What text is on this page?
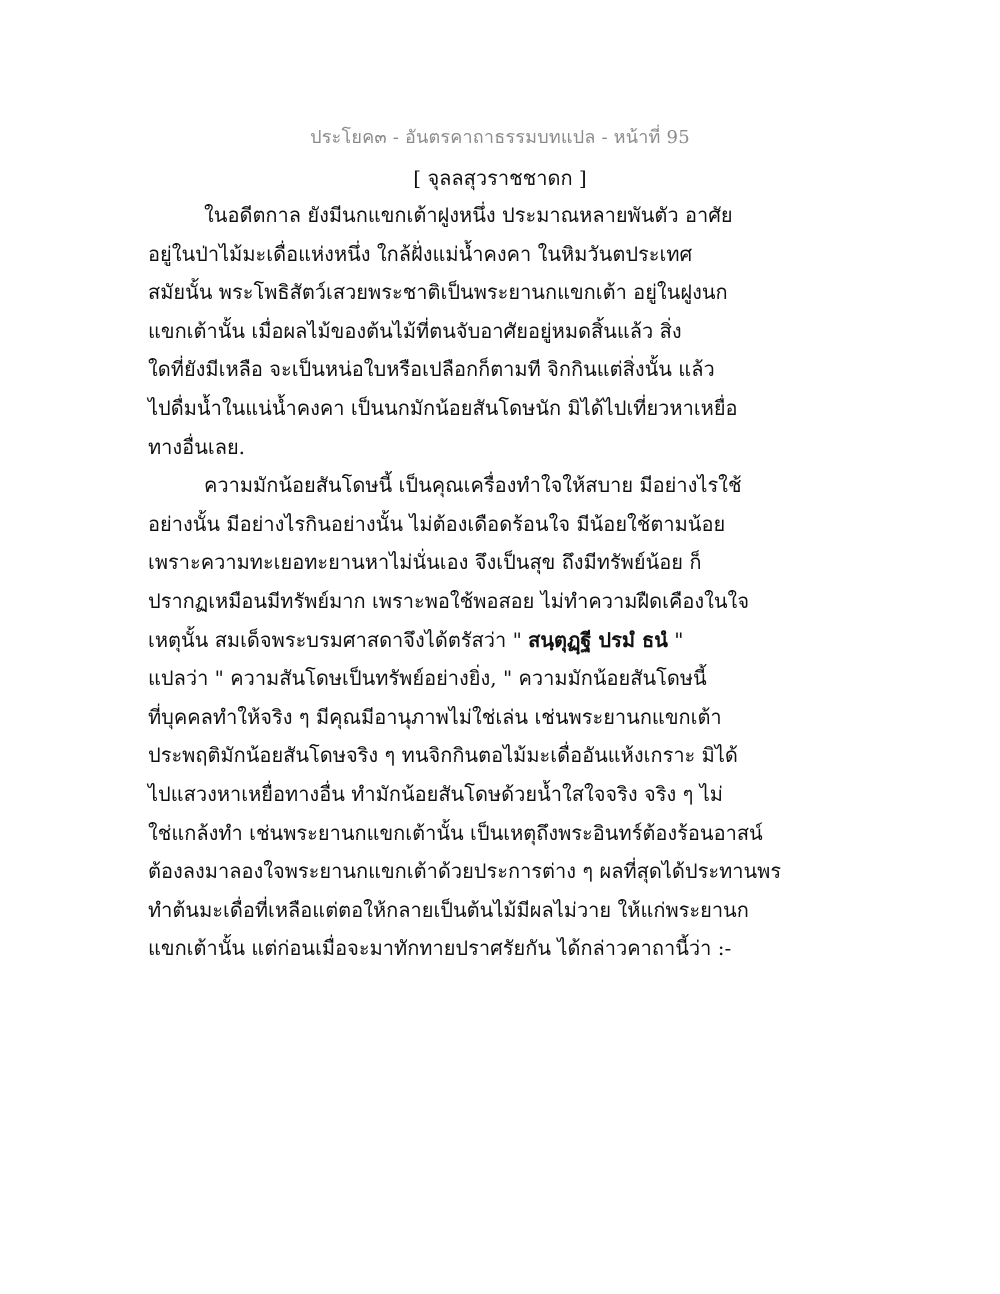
ประโยค๓ - อันตรคาถาธรรมบทแปล - หน้าที่ 95
[ จุลลสุวราชชาดก ]

ในอดีตกาล ยังมีนกแขกเต้าฝูงหนึ่ง ประมาณหลายพันตัว อาศัย
อยู่ในป่าไม้มะเดื่อแห่งหนึ่ง ใกล้ฝั่งแม่น้ำคงคา ในหิมวันตประเทศ
สมัยนั้น พระโพธิสัตว์เสวยพระชาติเป็นพระยานกแขกเต้า อยู่ในฝูงนก
แขกเต้านั้น เมื่อผลไม้ของต้นไม้ที่ตนจับอาศัยอยู่หมดสิ้นแล้ว สิ่ง
ใดที่ยังมีเหลือ จะเป็นหน่อใบหรือเปลือกก็ตามที จิกกินแต่สิ่งนั้น แล้ว
ไปดื่มน้ำในแน่น้ำคงคา เป็นนกมักน้อยสันโดษนัก มิได้ไปเที่ยวหาเหยื่อ
ทางอื่นเลย.

ความมักน้อยสันโดษนี้ เป็นคุณเครื่องทำใจให้สบาย มีอย่างไรใช้
อย่างนั้น มีอย่างไรกินอย่างนั้น ไม่ต้องเดือดร้อนใจ มีน้อยใช้ตามน้อย
เพราะความทะเยอทะยานหาไม่นั่นเอง จึงเป็นสุข ถึงมีทรัพย์น้อย ก็
ปรากฏเหมือนมีทรัพย์มาก เพราะพอใช้พอสอย ไม่ทำความฝืดเคืองในใจ
เหตุนั้น สมเด็จพระบรมศาสดาจึงได้ตรัสว่า " สนฺตุฏฺฐี ปรมํ ธนํ "
แปลว่า " ความสันโดษเป็นทรัพย์อย่างยิ่ง, " ความมักน้อยสันโดษนี้
ที่บุคคลทำให้จริง ๆ มีคุณมีอานุภาพไม่ใช่เล่น เช่นพระยานกแขกเต้า
ประพฤติมักน้อยสันโดษจริง ๆ ทนจิกกินตอไม้มะเดื่ออันแห้งเกราะ มิได้
ไปแสวงหาเหยื่อทางอื่น ทำมักน้อยสันโดษด้วยน้ำใสใจจริง จริง ๆ ไม่
ใช่แกล้งทำ เช่นพระยานกแขกเต้านั้น เป็นเหตุถึงพระอินทร์ต้องร้อนอาสน์
ต้องลงมาลองใจพระยานกแขกเต้าด้วยประการต่าง ๆ ผลที่สุดได้ประทานพร
ทำต้นมะเดื่อที่เหลือแต่ตอให้กลายเป็นต้นไม้มีผลไม่วาย ให้แก่พระยานก
แขกเต้านั้น แต่ก่อนเมื่อจะมาทักทายปราศรัยกัน ได้กล่าวคาถานี้ว่า :-
